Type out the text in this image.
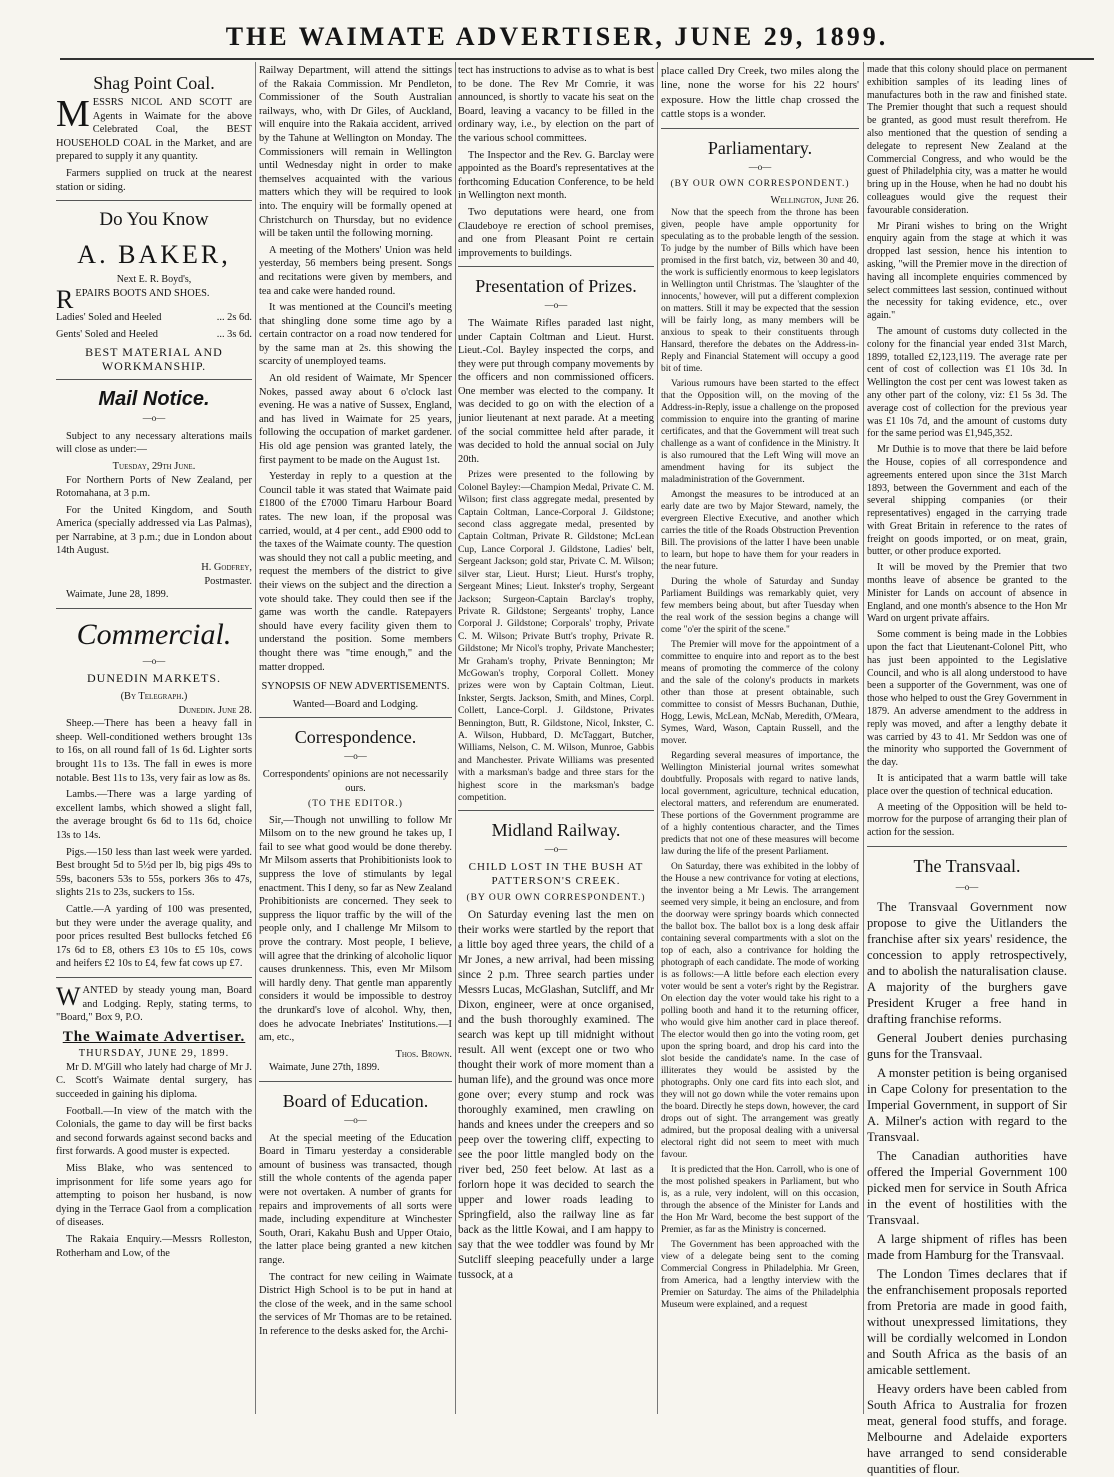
THE WAIMATE ADVERTISER, JUNE 29, 1899.
Shag Point Coal.

MESSRS NICOL AND SCOTT are Agents in Waimate for the above Celebrated Coal, the BEST HOUSEHOLD COAL in the Market, and are prepared to supply it any quantity.

Farmers supplied on truck at the nearest station or siding.

Do You Know
A. BAKER,
Next E. R. Boyd's,

REPAIRS BOOTS AND SHOES.

Ladies' Soled and Heeled	... 2s 6d.
Gents' Soled and Heeled	... 3s 6d.
BEST MATERIAL AND WORKMANSHIP.
Mail Notice.
—o—

Subject to any necessary alterations mails will close as under:—

Tuesday, 29th June.

For Northern Ports of New Zealand, per Rotomahana, at 3 p.m.

For the United Kingdom, and South America (specially addressed via Las Palmas), per Narrabine, at 3 p.m.; due in London about 14th August.

H. Godfrey,
Postmaster.

Waimate, June 28, 1899.

Commercial.
—o—
DUNEDIN MARKETS.
(By Telegraph.)
Dunedin. June 28.

Sheep.—There has been a heavy fall in sheep. Well-conditioned wethers brought 13s to 16s, on all round fall of 1s 6d. Lighter sorts brought 11s to 13s. The fall in ewes is more notable. Best 11s to 13s, very fair as low as 8s.

Lambs.—There was a large yarding of excellent lambs, which showed a slight fall, the average brought 6s 6d to 11s 6d, choice 13s to 14s.

Pigs.—150 less than last week were yarded. Best brought 5d to 5½d per lb, big pigs 49s to 59s, baconers 53s to 55s, porkers 36s to 47s, slights 21s to 23s, suckers to 15s.

Cattle.—A yarding of 100 was presented, but they were under the average quality, and poor prices resulted Best bullocks fetched £6 17s 6d to £8, others £3 10s to £5 10s, cows and heifers £2 10s to £4, few fat cows up £7.

WANTED by steady young man, Board and Lodging. Reply, stating terms, to "Board," Box 9, P.O.

The Waimate Advertiser.
THURSDAY, JUNE 29, 1899.

Mr D. M'Gill who lately had charge of Mr J. C. Scott's Waimate dental surgery, has succeeded in gaining his diploma.

Football.—In view of the match with the Colonials, the game to day will be first backs and second forwards against second backs and first forwards. A good muster is expected.

Miss Blake, who was sentenced to imprisonment for life some years ago for attempting to poison her husband, is now dying in the Terrace Gaol from a complication of diseases.

The Rakaia Enquiry.—Messrs Rolleston, Rotherham and Low, of the

Railway Department, will attend the sittings of the Rakaia Commission. Mr Pendleton, Commissioner of the South Australian railways, who, with Dr Giles, of Auckland, will enquire into the Rakaia accident, arrived by the Tahune at Wellington on Monday. The Commissioners will remain in Wellington until Wednesday night in order to make themselves acquainted with the various matters which they will be required to look into. The enquiry will be formally opened at Christchurch on Thursday, but no evidence will be taken until the following morning.

A meeting of the Mothers' Union was held yesterday, 56 members being present. Songs and recitations were given by members, and tea and cake were handed round.

It was mentioned at the Council's meeting that shingling done some time ago by a certain contractor on a road now tendered for by the same man at 2s. this showing the scarcity of unemployed teams.

An old resident of Waimate, Mr Spencer Nokes, passed away about 6 o'clock last evening. He was a native of Sussex, England, and has lived in Waimate for 25 years, following the occupation of market gardener. His old age pension was granted lately, the first payment to be made on the August 1st.

Yesterday in reply to a question at the Council table it was stated that Waimate paid £1800 of the £7000 Timaru Harbour Board rates. The new loan, if the proposal was carried, would, at 4 per cent., add £900 odd to the taxes of the Waimate county. The question was should they not call a public meeting, and request the members of the district to give their views on the subject and the direction a vote should take. They could then see if the game was worth the candle. Ratepayers should have every facility given them to understand the position. Some members thought there was "time enough," and the matter dropped.

SYNOPSIS OF NEW ADVERTISEMENTS.
Wanted—Board and Lodging.
Correspondence.
—o—

Correspondents' opinions are not necessarily ours.

(TO THE EDITOR.)

Sir,—Though not unwilling to follow Mr Milsom on to the new ground he takes up, I fail to see what good would be done thereby. Mr Milsom asserts that Prohibitionists look to suppress the love of stimulants by legal enactment. This I deny, so far as New Zealand Prohibitionists are concerned. They seek to suppress the liquor traffic by the will of the people only, and I challenge Mr Milsom to prove the contrary. Most people, I believe, will agree that the drinking of alcoholic liquor causes drunkenness. This, even Mr Milsom will hardly deny. That gentle man apparently considers it would be impossible to destroy the drunkard's love of alcohol. Why, then, does he advocate Inebriates' Institutions.—I am, etc.,

Thos. Brown.

Waimate, June 27th, 1899.

Board of Education.
—o—

At the special meeting of the Education Board in Timaru yesterday a considerable amount of business was transacted, though still the whole contents of the agenda paper were not overtaken. A number of grants for repairs and improvements of all sorts were made, including expenditure at Winchester South, Orari, Kakahu Bush and Upper Otaio, the latter place being granted a new kitchen range.

The contract for new ceiling in Waimate District High School is to be put in hand at the close of the week, and in the same school the services of Mr Thomas are to be retained. In reference to the desks asked for, the Archi-

tect has instructions to advise as to what is best to be done. The Rev Mr Comrie, it was announced, is shortly to vacate his seat on the Board, leaving a vacancy to be filled in the ordinary way, i.e., by election on the part of the various school committees.

The Inspector and the Rev. G. Barclay were appointed as the Board's representatives at the forthcoming Education Conference, to be held in Wellington next month.

Two deputations were heard, one from Claudeboye re erection of school premises, and one from Pleasant Point re certain improvements to buildings.

Presentation of Prizes.
—o—

The Waimate Rifles paraded last night, under Captain Coltman and Lieut. Hurst. Lieut.-Col. Bayley inspected the corps, and they were put through company movements by the officers and non commissioned officers. One member was elected to the company. It was decided to go on with the election of a junior lieutenant at next parade. At a meeting of the social committee held after parade, it was decided to hold the annual social on July 20th.

Prizes were presented to the following by Colonel Bayley:—Champion Medal, Private C. M. Wilson; first class aggregate medal, presented by Captain Coltman, Lance-Corporal J. Gildstone; second class aggregate medal, presented by Captain Coltman, Private R. Gildstone; McLean Cup, Lance Corporal J. Gildstone, Ladies' belt, Sergeant Jackson; gold star, Private C. M. Wilson; silver star, Lieut. Hurst; Lieut. Hurst's trophy, Sergeant Mines; Lieut. Inkster's trophy, Sergeant Jackson; Surgeon-Captain Barclay's trophy, Private R. Gildstone; Sergeants' trophy, Lance Corporal J. Gildstone; Corporals' trophy, Private C. M. Wilson; Private Butt's trophy, Private R. Gildstone; Mr Nicol's trophy, Private Manchester; Mr Graham's trophy, Private Bennington; Mr McGowan's trophy, Corporal Collett. Money prizes were won by Captain Coltman, Lieut. Inkster, Sergts. Jackson, Smith, and Mines, Corpl. Collett, Lance-Corpl. J. Gildstone, Privates Bennington, Butt, R. Gildstone, Nicol, Inkster, C. A. Wilson, Hubbard, D. McTaggart, Butcher, Williams, Nelson, C. M. Wilson, Munroe, Gabbis and Manchester. Private Williams was presented with a marksman's badge and three stars for the highest score in the marksman's badge competition.

Midland Railway.
—o—
CHILD LOST IN THE BUSH AT PATTERSON'S CREEK.
(BY OUR OWN CORRESPONDENT.)

On Saturday evening last the men on their works were startled by the report that a little boy aged three years, the child of a Mr Jones, a new arrival, had been missing since 2 p.m. Three search parties under Messrs Lucas, McGlashan, Sutcliff, and Mr Dixon, engineer, were at once organised, and the bush thoroughly examined. The search was kept up till midnight without result. All went (except one or two who thought their work of more moment than a human life), and the ground was once more gone over; every stump and rock was thoroughly examined, men crawling on hands and knees under the creepers and so peep over the towering cliff, expecting to see the poor little mangled body on the river bed, 250 feet below. At last as a forlorn hope it was decided to search the upper and lower roads leading to Springfield, also the railway line as far back as the little Kowai, and I am happy to say that the wee toddler was found by Mr Sutcliff sleeping peacefully under a large tussock, at a

place called Dry Creek, two miles along the line, none the worse for his 22 hours' exposure. How the little chap crossed the cattle stops is a wonder.

Parliamentary.
—o—
(BY OUR OWN CORRESPONDENT.)
Wellington, June 26.

Now that the speech from the throne has been given, people have ample opportunity for speculating as to the probable length of the session. To judge by the number of Bills which have been promised in the first batch, viz, between 30 and 40, the work is sufficiently enormous to keep legislators in Wellington until Christmas. The 'slaughter of the innocents,' however, will put a different complexion on matters. Still it may be expected that the session will be fairly long, as many members will be anxious to speak to their constituents through Hansard, therefore the debates on the Address-in-Reply and Financial Statement will occupy a good bit of time.

Various rumours have been started to the effect that the Opposition will, on the moving of the Address-in-Reply, issue a challenge on the proposed commission to enquire into the granting of marine certificates, and that the Government will treat such challenge as a want of confidence in the Ministry. It is also rumoured that the Left Wing will move an amendment having for its subject the maladministration of the Government.

Amongst the measures to be introduced at an early date are two by Major Steward, namely, the evergreen Elective Executive, and another which carries the title of the Roads Obstruction Prevention Bill. The provisions of the latter I have been unable to learn, but hope to have them for your readers in the near future.

During the whole of Saturday and Sunday Parliament Buildings was remarkably quiet, very few members being about, but after Tuesday when the real work of the session begins a change will come "o'er the spirit of the scene."

The Premier will move for the appointment of a committee to enquire into and report as to the best means of promoting the commerce of the colony and the sale of the colony's products in markets other than those at present obtainable, such committee to consist of Messrs Buchanan, Duthie, Hogg, Lewis, McLean, McNab, Meredith, O'Meara, Symes, Ward, Wason, Captain Russell, and the mover.

Regarding several measures of importance, the Wellington Ministerial journal writes somewhat doubtfully. Proposals with regard to native lands, local government, agriculture, technical education, electoral matters, and referendum are enumerated. These portions of the Government programme are of a highly contentious character, and the Times predicts that not one of these measures will become law during the life of the present Parliament.

On Saturday, there was exhibited in the lobby of the House a new contrivance for voting at elections, the inventor being a Mr Lewis. The arrangement seemed very simple, it being an enclosure, and from the doorway were springy boards which connected the ballot box. The ballot box is a long desk affair containing several compartments with a slot on the top of each, also a contrivance for holding the photograph of each candidate. The mode of working is as follows:—A little before each election every voter would be sent a voter's right by the Registrar. On election day the voter would take his right to a polling booth and hand it to the returning officer, who would give him another card in place thereof. The elector would then go into the voting room, get upon the spring board, and drop his card into the slot beside the candidate's name. In the case of illiterates they would be assisted by the photographs. Only one card fits into each slot, and they will not go down while the voter remains upon the board. Directly he steps down, however, the card drops out of sight. The arrangement was greatly admired, but the proposal dealing with a universal electoral right did not seem to meet with much favour.

It is predicted that the Hon. Carroll, who is one of the most polished speakers in Parliament, but who is, as a rule, very indolent, will on this occasion, through the absence of the Minister for Lands and the Hon Mr Ward, become the best support of the Premier, as far as the Ministry is concerned.

The Government has been approached with the view of a delegate being sent to the coming Commercial Congress in Philadelphia. Mr Green, from America, had a lengthy interview with the Premier on Saturday. The aims of the Philadelphia Museum were explained, and a request

made that this colony should place on permanent exhibition samples of its leading lines of manufactures both in the raw and finished state. The Premier thought that such a request should be granted, as good must result therefrom. He also mentioned that the question of sending a delegate to represent New Zealand at the Commercial Congress, and who would be the guest of Philadelphia city, was a matter he would bring up in the House, when he had no doubt his colleagues would give the request their favourable consideration.

Mr Pirani wishes to bring on the Wright enquiry again from the stage at which it was dropped last session, hence his intention to asking, "will the Premier move in the direction of having all incomplete enquiries commenced by select committees last session, continued without the necessity for taking evidence, etc., over again."

The amount of customs duty collected in the colony for the financial year ended 31st March, 1899, totalled £2,123,119. The average rate per cent of cost of collection was £1 10s 3d. In Wellington the cost per cent was lowest taken as any other part of the colony, viz: £1 5s 3d. The average cost of collection for the previous year was £1 10s 7d, and the amount of customs duty for the same period was £1,945,352.

Mr Duthie is to move that there be laid before the House, copies of all correspondence and agreements entered upon since the 31st March 1893, between the Government and each of the several shipping companies (or their representatives) engaged in the carrying trade with Great Britain in reference to the rates of freight on goods imported, or on meat, grain, butter, or other produce exported.

It will be moved by the Premier that two months leave of absence be granted to the Minister for Lands on account of absence in England, and one month's absence to the Hon Mr Ward on urgent private affairs.

Some comment is being made in the Lobbies upon the fact that Lieutenant-Colonel Pitt, who has just been appointed to the Legislative Council, and who is all along understood to have been a supporter of the Government, was one of those who helped to oust the Grey Government in 1879. An adverse amendment to the address in reply was moved, and after a lengthy debate it was carried by 43 to 41. Mr Seddon was one of the minority who supported the Government of the day.

It is anticipated that a warm battle will take place over the question of technical education.

A meeting of the Opposition will be held to-morrow for the purpose of arranging their plan of action for the session.

The Transvaal.
—o—

The Transvaal Government now propose to give the Uitlanders the franchise after six years' residence, the concession to apply retrospectively, and to abolish the naturalisation clause. A majority of the burghers gave President Kruger a free hand in drafting franchise reforms.

General Joubert denies purchasing guns for the Transvaal.

A monster petition is being organised in Cape Colony for presentation to the Imperial Government, in support of Sir A. Milner's action with regard to the Transvaal.

The Canadian authorities have offered the Imperial Government 100 picked men for service in South Africa in the event of hostilities with the Transvaal.

A large shipment of rifles has been made from Hamburg for the Transvaal.

The London Times declares that if the enfranchisement proposals reported from Pretoria are made in good faith, without unexpressed limitations, they will be cordially welcomed in London and South Africa as the basis of an amicable settlement.

Heavy orders have been cabled from South Africa to Australia for frozen meat, general food stuffs, and forage. Melbourne and Adelaide exporters have arranged to send considerable quantities of flour.
